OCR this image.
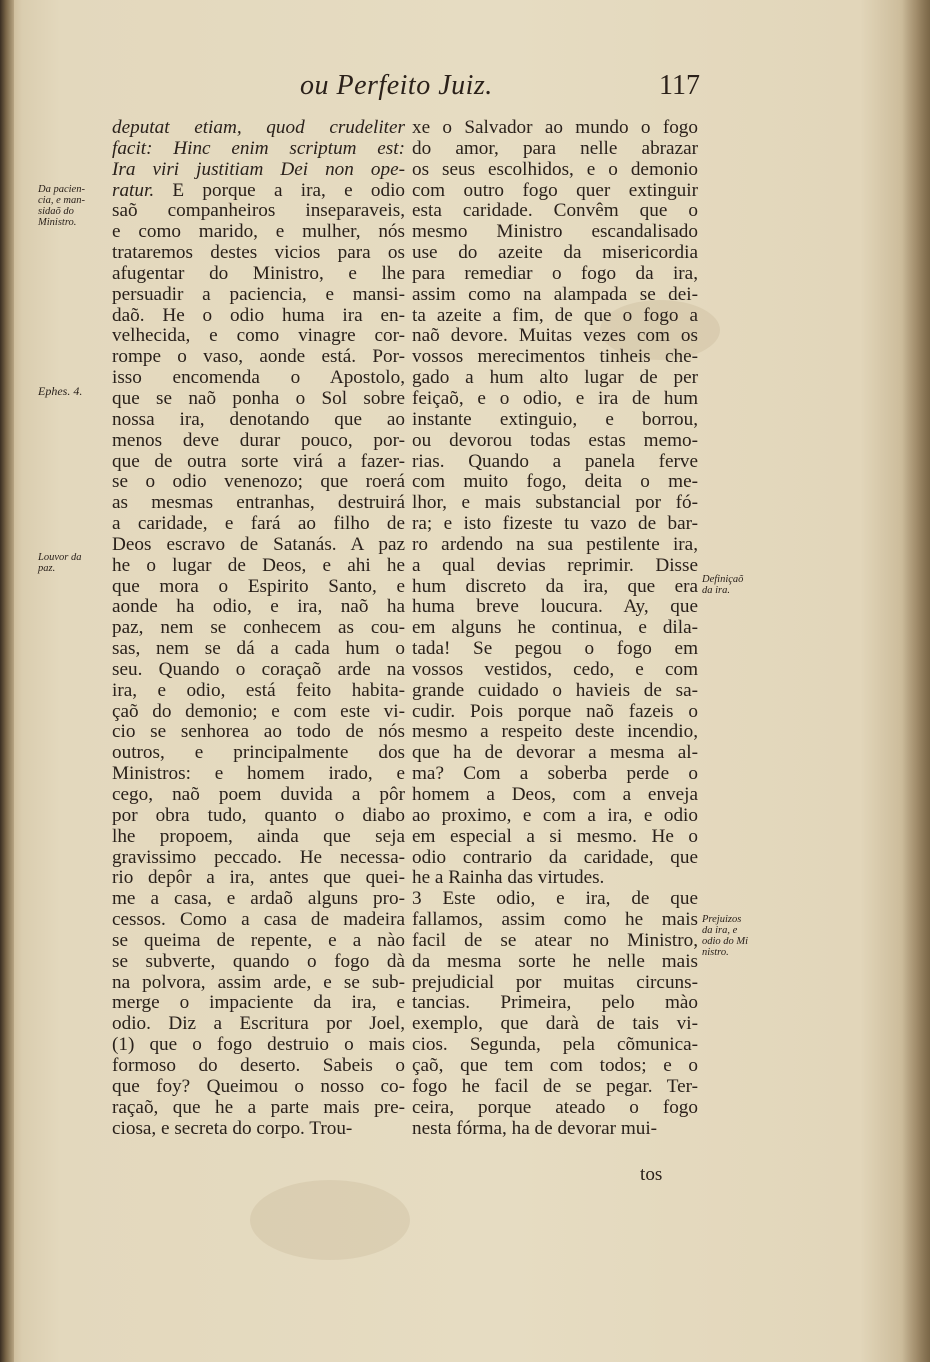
ou Perfeito Juiz.	117
deputat etiam, quod crudeliter
facit: Hinc enim scriptum est:
Ira viri justitiam Dei non ope-
ratur. E porque a ira, e odio
saõ companheiros inseparaveis,
e como marido, e mulher, nós
trataremos destes vicios para os
afugentar do Ministro, e lhe
persuadir a paciencia, e mansi-
daõ. He o odio huma ira en-
velhecida, e como vinagre cor-
rompe o vaso, aonde está. Por-
isso encomenda o Apostolo,
que se naõ ponha o Sol sobre
nossa ira, denotando que ao
menos deve durar pouco, por-
que de outra sorte virá a fazer-
se o odio venenozo; que roerá
as mesmas entranhas, destruirá
a caridade, e fará ao filho de
Deos escravo de Satanás. A paz
he o lugar de Deos, e ahi he
que mora o Espirito Santo, e
aonde ha odio, e ira, naõ ha
paz, nem se conhecem as cou-
sas, nem se dá a cada hum o
seu. Quando o coraçaõ arde na
ira, e odio, está feito habita-
çaõ do demonio; e com este vi-
cio se senhorea ao todo de nós
outros, e principalmente dos
Ministros: e homem irado, e
cego, naõ poem duvida a pôr
por obra tudo, quanto o diabo
lhe propoem, ainda que seja
gravissimo peccado. He necessa-
rio depôr a ira, antes que quei-
me a casa, e ardaõ alguns pro-
cessos. Como a casa de madeira
se queima de repente, e a nào
se subverte, quando o fogo dà
na polvora, assim arde, e se sub-
merge o impaciente da ira, e
odio. Diz a Escritura por Joel,
(1) que o fogo destruio o mais
formoso do deserto. Sabeis o
que foy? Queimou o nosso co-
raçaõ, que he a parte mais pre-
ciosa, e secreta do corpo. Trou-
xe o Salvador ao mundo o fogo
do amor, para nelle abrazar
os seus escolhidos, e o demonio
com outro fogo quer extinguir
esta caridade. Convêm que o
mesmo Ministro escandalisado
use do azeite da misericordia
para remediar o fogo da ira,
assim como na alampada se dei-
ta azeite a fim, de que o fogo a
naõ devore. Muitas vezes com os
vossos merecimentos tinheis che-
gado a hum alto lugar de per
feiçaõ, e o odio, e ira de hum
instante extinguio, e borrou,
ou devorou todas estas memo-
rias. Quando a panela ferve
com muito fogo, deita o me-
lhor, e mais substancial por fó-
ra; e isto fizeste tu vazo de bar-
ro ardendo na sua pestilente ira,
a qual devias reprimir. Disse
hum discreto da ira, que era
huma breve loucura. Ay, que
em alguns he continua, e dila-
tada! Se pegou o fogo em
vossos vestidos, cedo, e com
grande cuidado o havieis de sa-
cudir. Pois porque naõ fazeis o
mesmo a respeito deste incendio,
que ha de devorar a mesma al-
ma? Com a soberba perde o
homem a Deos, com a enveja
ao proximo, e com a ira, e odio
em especial a si mesmo. He o
odio contrario da caridade, que
he a Rainha das virtudes.
3 Este odio, e ira, de que
fallamos, assim como he mais
facil de se atear no Ministro,
da mesma sorte he nelle mais
prejudicial por muitas circuns-
tancias. Primeira, pelo mào
exemplo, que darà de tais vi-
cios. Segunda, pela cõmunica-
çaõ, que tem com todos; e o
fogo he facil de se pegar. Ter-
ceira, porque ateado o fogo
nesta fórma, ha de devorar mui-
Da pacien-
cia, e man-
sidaõ do
Ministro.
Ephes. 4.
Louvor da
paz.
Definiçaõ
da ira.
Prejuizos
da ira, e
odio do Mi
nistro.
tos
